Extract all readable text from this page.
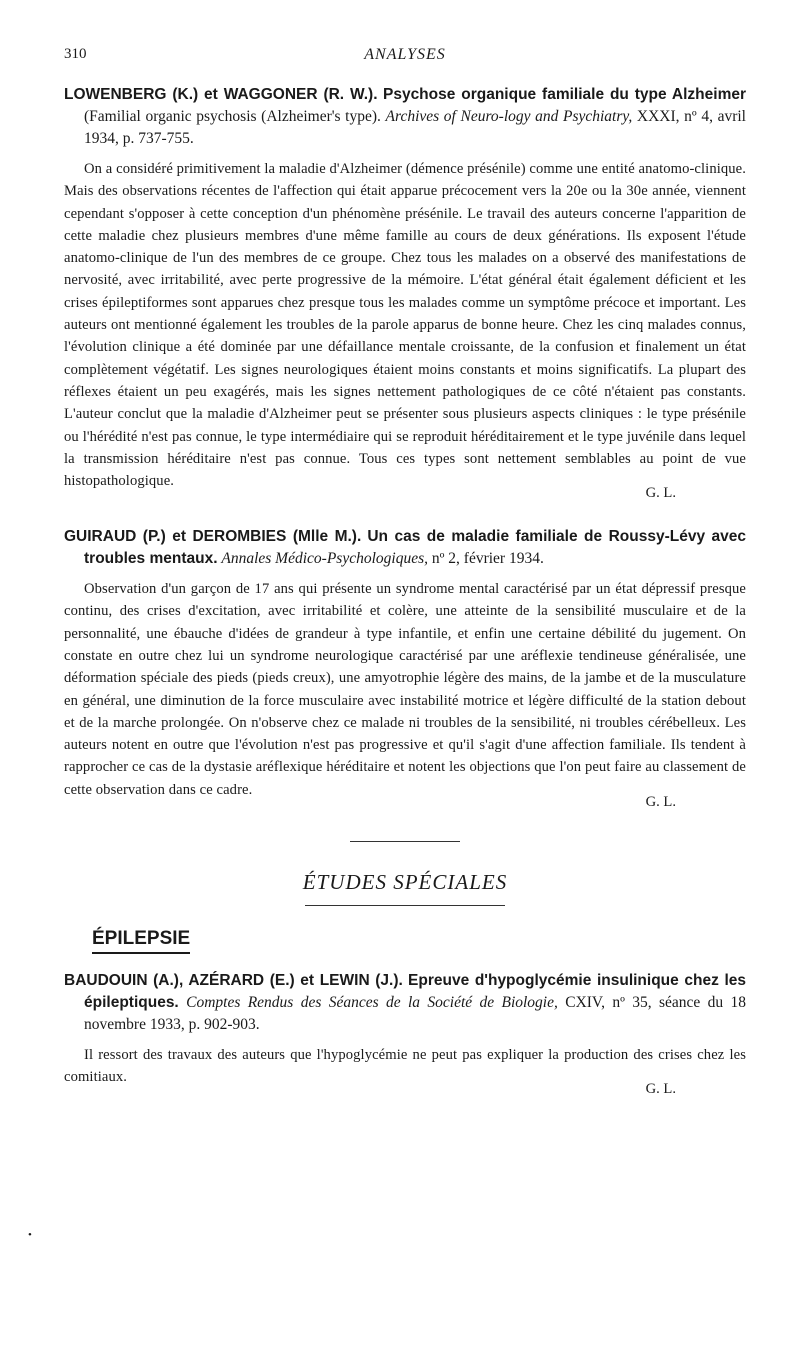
310	ANALYSES
LOWENBERG (K.) et WAGGONER (R. W.). Psychose organique familiale du type Alzheimer (Familial organic psychosis (Alzheimer's type). Archives of Neuro-logy and Psychiatry, XXXI, nº 4, avril 1934, p. 737-755.

On a considéré primitivement la maladie d'Alzheimer (démence présénile) comme une entité anatomo-clinique. Mais des observations récentes de l'affection qui était apparue précocement vers la 20e ou la 30e année, viennent cependant s'opposer à cette conception d'un phénomène présénile. Le travail des auteurs concerne l'apparition de cette maladie chez plusieurs membres d'une même famille au cours de deux générations. Ils exposent l'étude anatomo-clinique de l'un des membres de ce groupe. Chez tous les malades on a observé des manifestations de nervosité, avec irritabilité, avec perte progressive de la mémoire. L'état général était également déficient et les crises épileptiformes sont apparues chez presque tous les malades comme un symptôme précoce et important. Les auteurs ont mentionné également les troubles de la parole apparus de bonne heure. Chez les cinq malades connus, l'évolution clinique a été dominée par une défaillance mentale croissante, de la confusion et finalement un état complètement végétatif. Les signes neurologiques étaient moins constants et moins significatifs. La plupart des réflexes étaient un peu exagérés, mais les signes nettement pathologiques de ce côté n'étaient pas constants. L'auteur conclut que la maladie d'Alzheimer peut se présenter sous plusieurs aspects cliniques : le type présénile ou l'hérédité n'est pas connue, le type intermédiaire qui se reproduit héréditairement et le type juvénile dans lequel la transmission héréditaire n'est pas connue. Tous ces types sont nettement semblables au point de vue histopathologique.

G. L.
GUIRAUD (P.) et DEROMBIES (Mlle M.). Un cas de maladie familiale de Roussy-Lévy avec troubles mentaux. Annales Médico-Psychologiques, nº 2, février 1934.

Observation d'un garçon de 17 ans qui présente un syndrome mental caractérisé par un état dépressif presque continu, des crises d'excitation, avec irritabilité et colère, une atteinte de la sensibilité musculaire et de la personnalité, une ébauche d'idées de grandeur à type infantile, et enfin une certaine débilité du jugement. On constate en outre chez lui un syndrome neurologique caractérisé par une aréflexie tendineuse généralisée, une déformation spéciale des pieds (pieds creux), une amyotrophie légère des mains, de la jambe et de la musculature en général, une diminution de la force musculaire avec instabilité motrice et légère difficulté de la station debout et de la marche prolongée. On n'observe chez ce malade ni troubles de la sensibilité, ni troubles cérébelleux. Les auteurs notent en outre que l'évolution n'est pas progressive et qu'il s'agit d'une affection familiale. Ils tendent à rapprocher ce cas de la dystasie aréflexique héréditaire et notent les objections que l'on peut faire au classement de cette observation dans ce cadre.

G. L.
ÉTUDES SPÉCIALES
ÉPILEPSIE
BAUDOUIN (A.), AZÉRARD (E.) et LEWIN (J.). Epreuve d'hypoglycémie insulinique chez les épileptiques. Comptes Rendus des Séances de la Société de Biologie, CXIV, nº 35, séance du 18 novembre 1933, p. 902-903.

Il ressort des travaux des auteurs que l'hypoglycémie ne peut pas expliquer la production des crises chez les comitiaux.

G. L.
•
